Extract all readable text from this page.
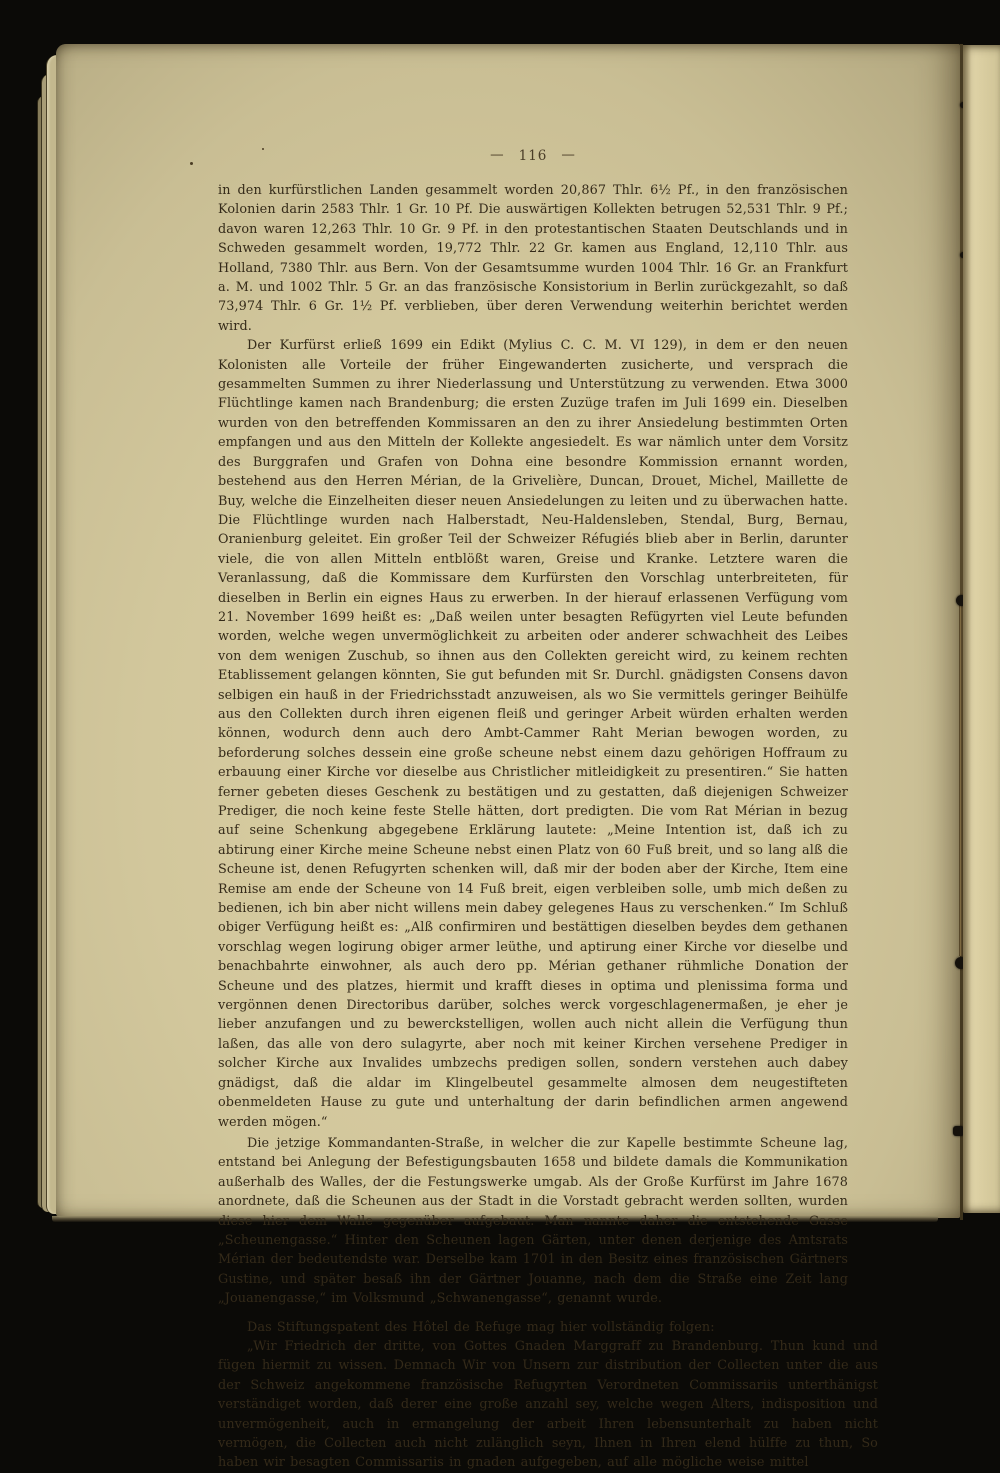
— 116 —

in den kurfürstlichen Landen gesammelt worden 20,867 Thlr. 6½ Pf., in den französischen Kolonien darin 2583 Thlr. 1 Gr. 10 Pf. Die auswärtigen Kollekten betrugen 52,531 Thlr. 9 Pf.; davon waren 12,263 Thlr. 10 Gr. 9 Pf. in den protestantischen Staaten Deutschlands und in Schweden gesammelt worden, 19,772 Thlr. 22 Gr. kamen aus England, 12,110 Thlr. aus Holland, 7380 Thlr. aus Bern. Von der Gesamtsumme wurden 1004 Thlr. 16 Gr. an Frankfurt a. M. und 1002 Thlr. 5 Gr. an das französische Konsistorium in Berlin zurückgezahlt, so daß 73,974 Thlr. 6 Gr. 1½ Pf. verblieben, über deren Verwendung weiterhin berichtet werden wird.

Der Kurfürst erließ 1699 ein Edikt (Mylius C. C. M. VI 129), in dem er den neuen Kolonisten alle Vorteile der früher Eingewanderten zusicherte, und versprach die gesammelten Summen zu ihrer Niederlassung und Unterstützung zu verwenden. Etwa 3000 Flüchtlinge kamen nach Brandenburg; die ersten Zuzüge trafen im Juli 1699 ein. Dieselben wurden von den betreffenden Kommissaren an den zu ihrer Ansiedelung bestimmten Orten empfangen und aus den Mitteln der Kollekte angesiedelt. Es war nämlich unter dem Vorsitz des Burggrafen und Grafen von Dohna eine besondre Kommission ernannt worden, bestehend aus den Herren Mérian, de la Grivelière, Duncan, Drouet, Michel, Maillette de Buy, welche die Einzelheiten dieser neuen Ansiedelungen zu leiten und zu überwachen hatte. Die Flüchtlinge wurden nach Halberstadt, Neu-Haldensleben, Stendal, Burg, Bernau, Oranienburg geleitet. Ein großer Teil der Schweizer Réfugiés blieb aber in Berlin, darunter viele, die von allen Mitteln entblößt waren, Greise und Kranke. Letztere waren die Veranlassung, daß die Kommissare dem Kurfürsten den Vorschlag unterbreiteten, für dieselben in Berlin ein eignes Haus zu erwerben. In der hierauf erlassenen Verfügung vom 21. November 1699 heißt es: „Daß weilen unter besagten Refügyrten viel Leute befunden worden, welche wegen unvermöglichkeit zu arbeiten oder anderer schwachheit des Leibes von dem wenigen Zuschub, so ihnen aus den Collekten gereicht wird, zu keinem rechten Etablissement gelangen könnten, Sie gut befunden mit Sr. Durchl. gnädigsten Consens davon selbigen ein hauß in der Friedrichsstadt anzuweisen, als wo Sie vermittels geringer Beihülfe aus den Collekten durch ihren eigenen fleiß und geringer Arbeit würden erhalten werden können, wodurch denn auch dero Ambt-Cammer Raht Merian bewogen worden, zu beforderung solches dessein eine große scheune nebst einem dazu gehörigen Hoffraum zu erbauung einer Kirche vor dieselbe aus Christlicher mitleidigkeit zu presentiren.“ Sie hatten ferner gebeten dieses Geschenk zu bestätigen und zu gestatten, daß diejenigen Schweizer Prediger, die noch keine feste Stelle hätten, dort predigten. Die vom Rat Mérian in bezug auf seine Schenkung abgegebene Erklärung lautete: „Meine Intention ist, daß ich zu abtirung einer Kirche meine Scheune nebst einen Platz von 60 Fuß breit, und so lang alß die Scheune ist, denen Refugyrten schenken will, daß mir der boden aber der Kirche, Item eine Remise am ende der Scheune von 14 Fuß breit, eigen verbleiben solle, umb mich deßen zu bedienen, ich bin aber nicht willens mein dabey gelegenes Haus zu verschenken.“ Im Schluß obiger Verfügung heißt es: „Alß confirmiren und bestättigen dieselben beydes dem gethanen vorschlag wegen logirung obiger armer leüthe, und aptirung einer Kirche vor dieselbe und benachbahrte einwohner, als auch dero pp. Mérian gethaner rühmliche Donation der Scheune und des platzes, hiermit und krafft dieses in optima und plenissima forma und vergönnen denen Directoribus darüber, solches werck vorgeschlagenermaßen, je eher je lieber anzufangen und zu bewerckstelligen, wollen auch nicht allein die Verfügung thun laßen, das alle von dero sulagyrte, aber noch mit keiner Kirchen versehene Prediger in solcher Kirche aux Invalides umbzechs predigen sollen, sondern verstehen auch dabey gnädigst, daß die aldar im Klingelbeutel gesammelte almosen dem neugestifteten obenmeldeten Hause zu gute und unterhaltung der darin befindlichen armen angewend werden mögen.“

Die jetzige Kommandanten-Straße, in welcher die zur Kapelle bestimmte Scheune lag, entstand bei Anlegung der Befestigungsbauten 1658 und bildete damals die Kommunikation außerhalb des Walles, der die Festungswerke umgab. Als der Große Kurfürst im Jahre 1678 anordnete, daß die Scheunen aus der Stadt in die Vorstadt gebracht werden sollten, wurden diese hier dem Walle gegenüber aufgebaut. Man nannte daher die entstehende Gasse „Scheunengasse.“ Hinter den Scheunen lagen Gärten, unter denen derjenige des Amtsrats Mérian der bedeutendste war. Derselbe kam 1701 in den Besitz eines französischen Gärtners Gustine, und später besaß ihn der Gärtner Jouanne, nach dem die Straße eine Zeit lang „Jouanengasse,“ im Volksmund „Schwanengasse“, genannt wurde.

Das Stiftungspatent des Hôtel de Refuge mag hier vollständig folgen:

„Wir Friedrich der dritte, von Gottes Gnaden Marggraff zu Brandenburg. Thun kund und fügen hiermit zu wissen. Demnach Wir von Unsern zur distribution der Collecten unter die aus der Schweiz angekommene französische Refugyrten Verordneten Commissariis unterthänigst verständiget worden, daß derer eine große anzahl sey, welche wegen Alters, indisposition und unvermögenheit, auch in ermangelung der arbeit Ihren lebensunterhalt zu haben nicht vermögen, die Collecten auch nicht zulänglich seyn, Ihnen in Ihren elend hülffe zu thun, So haben wir besagten Commissariis in gnaden aufgegeben, auf alle mögliche weise mittel
